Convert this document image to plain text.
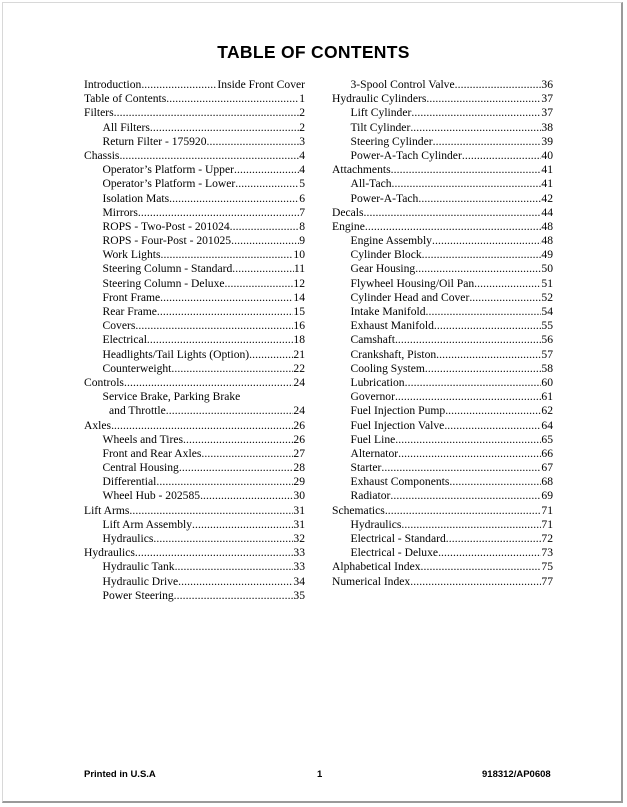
TABLE OF CONTENTS
Introduction .....	Inside Front Cover
Table of Contents .....	1
Filters .....	2
All Filters .....	2
Return Filter - 175920 .....	3
Chassis .....	4
Operator’s Platform - Upper .....	4
Operator’s Platform - Lower .....	5
Isolation Mats .....	6
Mirrors .....	7
ROPS - Two-Post - 201024 .....	8
ROPS - Four-Post - 201025 .....	9
Work Lights .....	10
Steering Column - Standard .....	11
Steering Column - Deluxe .....	12
Front Frame .....	14
Rear Frame .....	15
Covers .....	16
Electrical .....	18
Headlights/Tail Lights (Option) .....	21
Counterweight .....	22
Controls .....	24
Service Brake, Parking Brake
and Throttle .....	24
Axles .....	26
Wheels and Tires .....	26
Front and Rear Axles .....	27
Central Housing .....	28
Differential .....	29
Wheel Hub - 202585 .....	30
Lift Arms .....	31
Lift Arm Assembly .....	31
Hydraulics .....	32
Hydraulics .....	33
Hydraulic Tank .....	33
Hydraulic Drive .....	34
Power Steering .....	35
3-Spool Control Valve .....	36
Hydraulic Cylinders .....	37
Lift Cylinder .....	37
Tilt Cylinder .....	38
Steering Cylinder .....	39
Power-A-Tach Cylinder .....	40
Attachments .....	41
All-Tach .....	41
Power-A-Tach .....	42
Decals .....	44
Engine .....	48
Engine Assembly .....	48
Cylinder Block .....	49
Gear Housing .....	50
Flywheel Housing/Oil Pan .....	51
Cylinder Head and Cover .....	52
Intake Manifold .....	54
Exhaust Manifold .....	55
Camshaft .....	56
Crankshaft, Piston .....	57
Cooling System .....	58
Lubrication .....	60
Governor .....	61
Fuel Injection Pump .....	62
Fuel Injection Valve .....	64
Fuel Line .....	65
Alternator .....	66
Starter .....	67
Exhaust Components .....	68
Radiator .....	69
Schematics .....	71
Hydraulics .....	71
Electrical - Standard .....	72
Electrical - Deluxe .....	73
Alphabetical Index .....	75
Numerical Index .....	77
Printed in U.S.A	1	918312/AP0608
